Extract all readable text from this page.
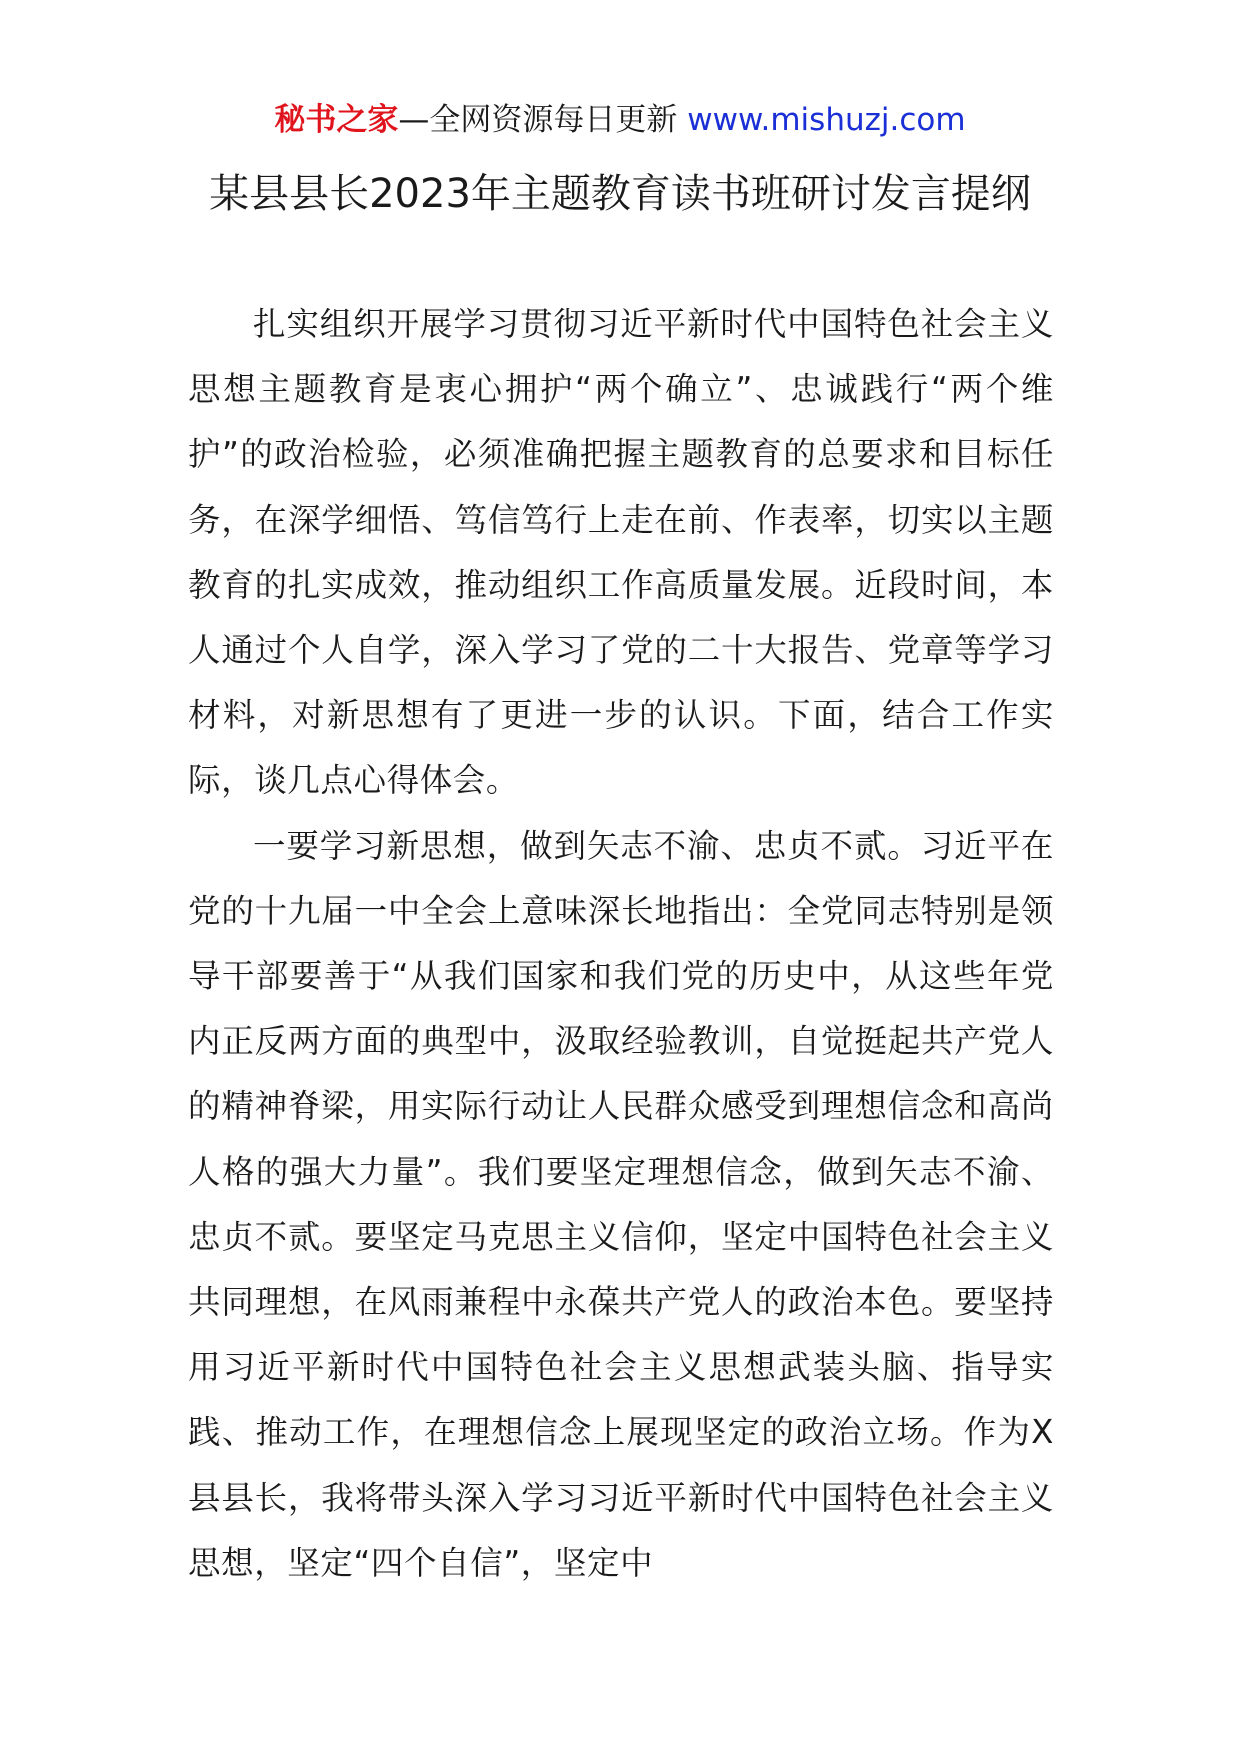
秘书之家—全网资源每日更新 www.mishuzj.com
某县县长2023年主题教育读书班研讨发言提纲

扎实组织开展学习贯彻习近平新时代中国特色社会主义思想主题教育是衷心拥护“两个确立”、忠诚践行“两个维护”的政治检验，必须准确把握主题教育的总要求和目标任务，在深学细悟、笃信笃行上走在前、作表率，切实以主题教育的扎实成效，推动组织工作高质量发展。近段时间，本人通过个人自学，深入学习了党的二十大报告、党章等学习材料，对新思想有了更进一步的认识。下面，结合工作实际，谈几点心得体会。

一要学习新思想，做到矢志不渝、忠贞不贰。习近平在党的十九届一中全会上意味深长地指出：全党同志特别是领导干部要善于“从我们国家和我们党的历史中，从这些年党内正反两方面的典型中，汲取经验教训，自觉挺起共产党人的精神脊梁，用实际行动让人民群众感受到理想信念和高尚人格的强大力量”。我们要坚定理想信念，做到矢志不渝、忠贞不贰。要坚定马克思主义信仰，坚定中国特色社会主义共同理想，在风雨兼程中永葆共产党人的政治本色。要坚持用习近平新时代中国特色社会主义思想武装头脑、指导实践、推动工作，在理想信念上展现坚定的政治立场。作为X县县长，我将带头深入学习习近平新时代中国特色社会主义思想，坚定“四个自信”，坚定中
